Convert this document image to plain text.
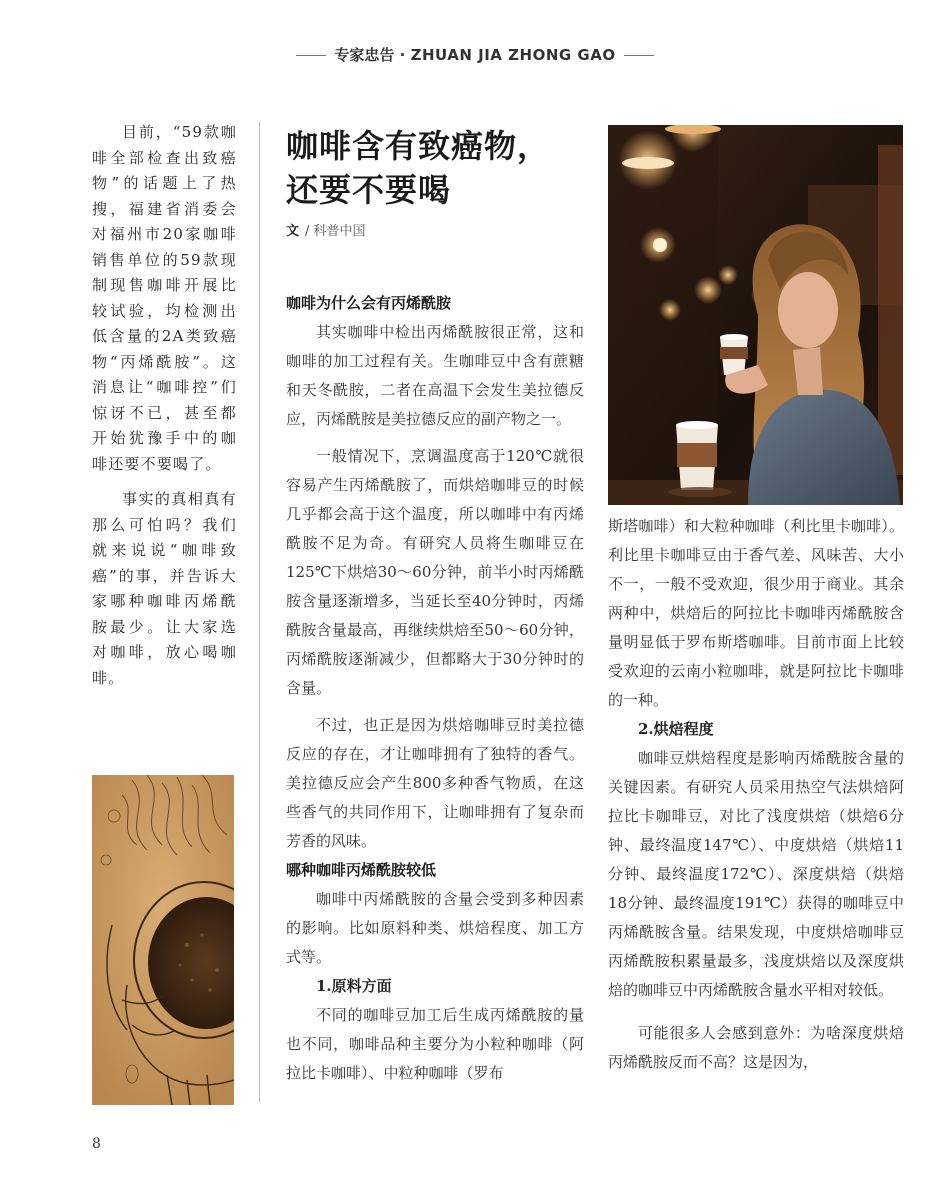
专家忠告 · ZHUAN JIA ZHONG GAO

目前，“59款咖啡全部检查出致癌物”的话题上了热搜，福建省消委会对福州市20家咖啡销售单位的59款现制现售咖啡开展比较试验，均检测出低含量的2A类致癌物“丙烯酰胺”。这消息让“咖啡控”们惊讶不已，甚至都开始犹豫手中的咖啡还要不要喝了。

事实的真相真有那么可怕吗？我们就来说说“咖啡致癌”的事，并告诉大家哪种咖啡丙烯酰胺最少。让大家选对咖啡，放心喝咖啡。

咖啡含有致癌物，
还要不要喝
文 / 科普中国
咖啡为什么会有丙烯酰胺

其实咖啡中检出丙烯酰胺很正常，这和咖啡的加工过程有关。生咖啡豆中含有蔗糖和天冬酰胺，二者在高温下会发生美拉德反应，丙烯酰胺是美拉德反应的副产物之一。

一般情况下，烹调温度高于120℃就很容易产生丙烯酰胺了，而烘焙咖啡豆的时候几乎都会高于这个温度，所以咖啡中有丙烯酰胺不足为奇。有研究人员将生咖啡豆在125℃下烘焙30～60分钟，前半小时丙烯酰胺含量逐渐增多，当延长至40分钟时，丙烯酰胺含量最高，再继续烘焙至50～60分钟，丙烯酰胺逐渐减少，但都略大于30分钟时的含量。

不过，也正是因为烘焙咖啡豆时美拉德反应的存在，才让咖啡拥有了独特的香气。美拉德反应会产生800多种香气物质，在这些香气的共同作用下，让咖啡拥有了复杂而芳香的风味。

哪种咖啡丙烯酰胺较低

咖啡中丙烯酰胺的含量会受到多种因素的影响。比如原料种类、烘焙程度、加工方式等。

1.原料方面

不同的咖啡豆加工后生成丙烯酰胺的量也不同，咖啡品种主要分为小粒种咖啡（阿拉比卡咖啡）、中粒种咖啡（罗布

斯塔咖啡）和大粒种咖啡（利比里卡咖啡）。利比里卡咖啡豆由于香气差、风味苦、大小不一，一般不受欢迎，很少用于商业。其余两种中，烘焙后的阿拉比卡咖啡丙烯酰胺含量明显低于罗布斯塔咖啡。目前市面上比较受欢迎的云南小粒咖啡，就是阿拉比卡咖啡的一种。

2.烘焙程度

咖啡豆烘焙程度是影响丙烯酰胺含量的关键因素。有研究人员采用热空气法烘焙阿拉比卡咖啡豆，对比了浅度烘焙（烘焙6分钟、最终温度147℃）、中度烘焙（烘焙11分钟、最终温度172℃）、深度烘焙（烘焙18分钟、最终温度191℃）获得的咖啡豆中丙烯酰胺含量。结果发现，中度烘焙咖啡豆丙烯酰胺积累量最多，浅度烘焙以及深度烘焙的咖啡豆中丙烯酰胺含量水平相对较低。

可能很多人会感到意外：为啥深度烘焙丙烯酰胺反而不高？这是因为，

8
